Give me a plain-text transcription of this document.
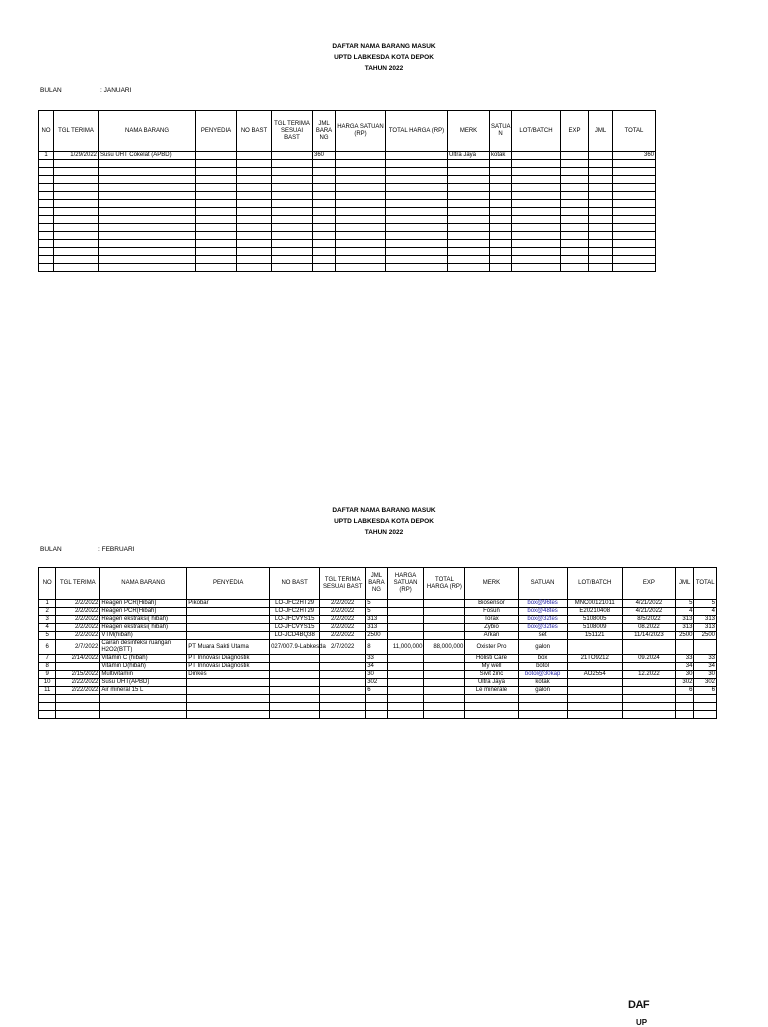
DAFTAR NAMA BARANG MASUK
UPTD LABKESDA KOTA DEPOK
TAHUN 2022
BULAN	: JANUARI
NO	TGL TERIMA	NAMA BARANG	PENYEDIA	NO BAST	TGL TERIMA SESUAI BAST	JML BARA NG	HARGA SATUAN (RP)	TOTAL HARGA (RP)	MERK	SATUA N	LOT/BATCH	EXP	JML	TOTAL
1	1/29/2022	Susu UHT Cokelat (APBD)				360			Ultra Jaya	kotak				360

DAFTAR NAMA BARANG MASUK
UPTD LABKESDA KOTA DEPOK
TAHUN 2022
BULAN	: FEBRUARI
NO	TGL TERIMA	NAMA BARANG	PENYEDIA	NO BAST	TGL TERIMA SESUAI BAST	JML BARA NG	HARGA SATUAN (RP)	TOTAL HARGA (RP)	MERK	SATUAN	LOT/BATCH	EXP	JML	TOTAL
1	2/2/2022	Reagen PCR(Hibah)	Pikobar	LO-JFC2HT29	2/2/2022	5			Biosensor	box@96tes	MNC00121011	4/21/2022	5	5
2	2/2/2022	Reagen PCR(Hibah)		LO-JFC2HT29	2/2/2022	5			Fosun	box@48tes	E20210408	4/21/2022	4	4
3	2/2/2022	Reagen ekstraksi( hibah)		LO-JFCVYS15	2/2/2022	313			Torax	box@32tes	5108005	8/5/2022	313	313
4	2/2/2022	Reagen ekstraksi( hibah)		LO-JFCVYS15	2/2/2022	313			Zybio	box@32tes	5108009	08.2022	313	313
5	2/2/2022	VTM(hibah)		LO-JCD4BQ38	2/2/2022	2500			Arkan	set	151121	11/14/2023	2500	2500
6	2/7/2022	Cairan desinfeksi ruangan H2O2(BTT)	PT Muara Sakti Utama	027/007.9-Labkesda	2/7/2022	8	11,000,000	88,000,000	Oxister Pro	galon				
7	2/14/2022	Vitamin C (hibah)	PT Innovasi Diagnostik			33			Holisti Care	box	21TO9212	09.2024	33	33
8		Vitamin D(hibah)	PT Innovasi Diagnostik			34			My well	botol			34	34
9	2/15/2022	Multivitamin	Dinkes			30			Sivit zinc	botol@30kap	AO2554	12.2022	30	30
10	2/22/2022	Susu UHT(APBD)				302			Ultra Jaya	kotak			302	302
11	2/22/2022	Air mineral 15 L				6			Le minerale	galon			6	6

DAF
UP
